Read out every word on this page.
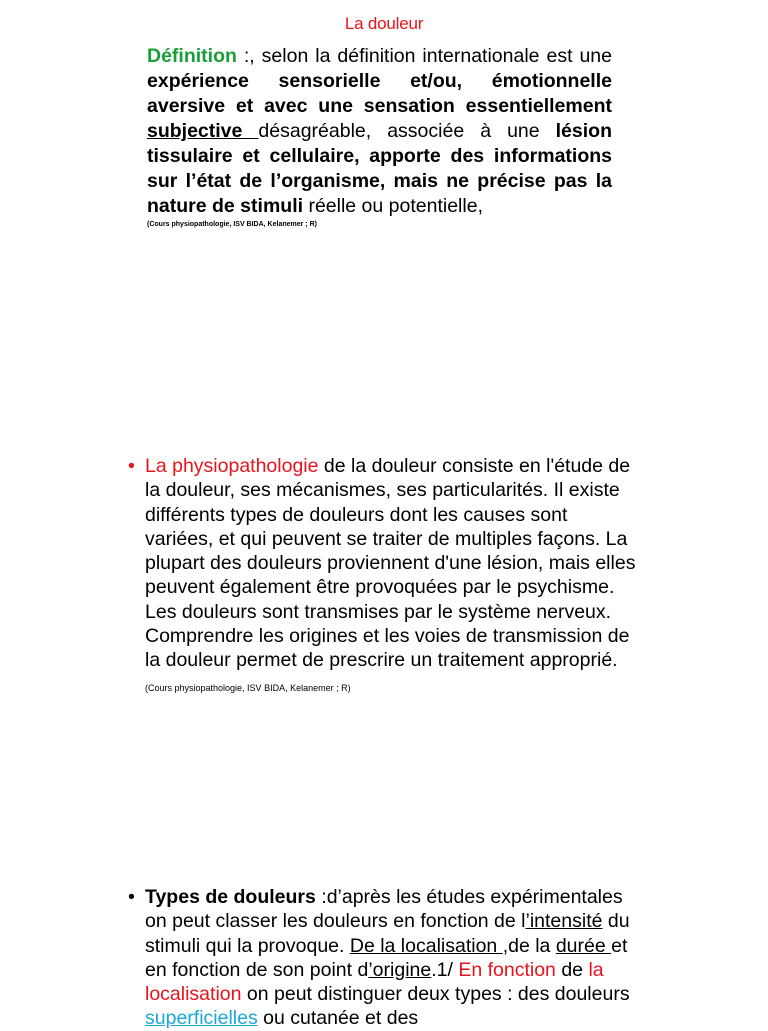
La douleur
Définition :, selon la définition internationale est une expérience sensorielle et/ou, émotionnelle aversive et avec une sensation essentiellement subjective désagréable, associée à une lésion tissulaire et cellulaire, apporte des informations sur l’état de l’organisme, mais ne précise pas la nature de stimuli réelle ou potentielle,
(Cours physiopathologie, ISV BIDA, Kelanemer ; R)
• La physiopathologie de la douleur consiste en l'étude de la douleur, ses mécanismes, ses particularités. Il existe différents types de douleurs dont les causes sont variées, et qui peuvent se traiter de multiples façons. La plupart des douleurs proviennent d'une lésion, mais elles peuvent également être provoquées par le psychisme. Les douleurs sont transmises par le système nerveux. Comprendre les origines et les voies de transmission de la douleur permet de prescrire un traitement approprié. (Cours physiopathologie, ISV BIDA, Kelanemer ; R)
• Types de douleurs :d’après les études expérimentales on peut classer les douleurs en fonction de l’intensité du stimuli qui la provoque. De la localisation ,de la durée et en fonction de son point d’origine.1/ En fonction de la localisation on peut distinguer deux types : des douleurs superficielles ou cutanée et des
